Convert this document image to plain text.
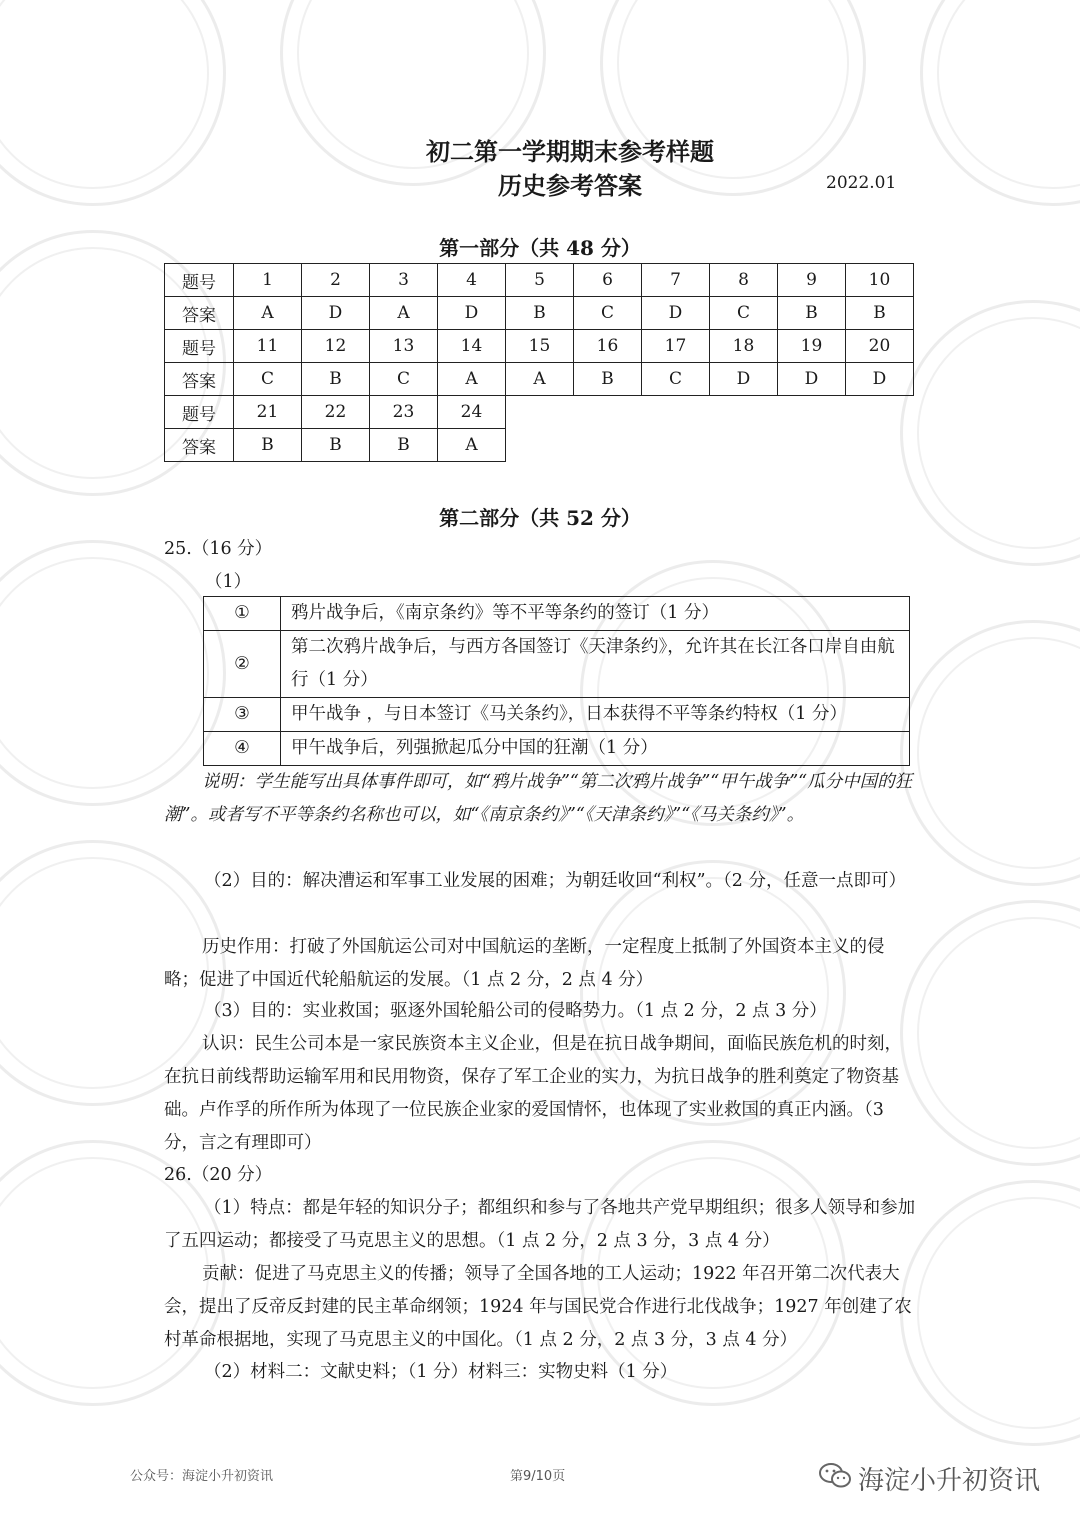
初二第一学期期末参考样题
历史参考答案	2022.01
第一部分（共 48 分）
题号	1	2	3	4	5	6	7	8	9	10
答案	A	D	A	D	B	C	D	C	B	B
题号	11	12	13	14	15	16	17	18	19	20
答案	C	B	C	A	A	B	C	D	D	D
题号	21	22	23	24						
答案	B	B	B	A						
第二部分（共 52 分）
25.（16 分）
（1）
①	鸦片战争后，《南京条约》等不平等条约的签订（1 分）
②	第二次鸦片战争后，与西方各国签订《天津条约》，允许其在长江各口岸自由航行（1 分）
③	甲午战争 ，与日本签订《马关条约》，日本获得不平等条约特权（1 分）
④	甲午战争后，列强掀起瓜分中国的狂潮（1 分）
说明：学生能写出具体事件即可，如“鸦片战争”“第二次鸦片战争”“甲午战争”“瓜分中国的狂潮”。或者写不平等条约名称也可以，如“《南京条约》”“《天津条约》”“《马关条约》”。
（2）目的：解决漕运和军事工业发展的困难；为朝廷收回“利权”。（2 分，任意一点即可）
历史作用：打破了外国航运公司对中国航运的垄断，一定程度上抵制了外国资本主义的侵略；促进了中国近代轮船航运的发展。（1 点 2 分，2 点 4 分）
（3）目的：实业救国；驱逐外国轮船公司的侵略势力。（1 点 2 分，2 点 3 分）
认识：民生公司本是一家民族资本主义企业，但是在抗日战争期间，面临民族危机的时刻，在抗日前线帮助运输军用和民用物资，保存了军工企业的实力，为抗日战争的胜利奠定了物资基础。卢作孚的所作所为体现了一位民族企业家的爱国情怀，也体现了实业救国的真正内涵。（3 分，言之有理即可）
26.（20 分）
（1）特点：都是年轻的知识分子；都组织和参与了各地共产党早期组织；很多人领导和参加了五四运动；都接受了马克思主义的思想。（1 点 2 分，2 点 3 分，3 点 4 分）
贡献：促进了马克思主义的传播；领导了全国各地的工人运动；1922 年召开第二次代表大会，提出了反帝反封建的民主革命纲领；1924 年与国民党合作进行北伐战争；1927 年创建了农村革命根据地，实现了马克思主义的中国化。（1 点 2 分，2 点 3 分，3 点 4 分）
（2）材料二：文献史料；（1 分）材料三：实物史料（1 分）
公众号：海淀小升初资讯	第9/10页	海淀小升初资讯
